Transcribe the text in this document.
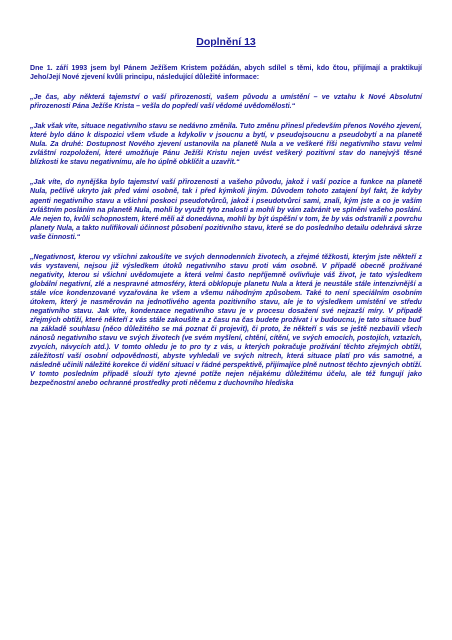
Doplnění 13

Dne 1. září 1993 jsem byl Pánem Ježíšem Kristem požádán, abych sdílel s těmi, kdo čtou, přijímají a praktikují Jeho/Její Nové zjevení kvůli principu, následující důležité informace:

„Je čas, aby některá tajemství o vaší přirozenosti, vašem původu a umístění – ve vztahu k Nové Absolutní přirozenosti Pána Ježíše Krista – vešla do popředí vaší vědomé uvědomělosti.“

„Jak však víte, situace negativního stavu se nedávno změnila. Tuto změnu přinesl především přenos Nového zjevení, které bylo dáno k dispozici všem všude a kdykoliv v jsoucnu a bytí, v pseudojsoucnu a pseudobytí a na planetě Nula. Za druhé: Dostupnost Nového zjevení ustanovila na planetě Nula a ve veškeré říši negativního stavu velmi zvláštní rozpoložení, které umožňuje Pánu Ježíši Kristu nejen uvést veškerý pozitivní stav do nanejvýš těsné blízkosti ke stavu negativnímu, ale ho úplně obklíčit a uzavřít.“

„Jak víte, do nynějška bylo tajemství vaší přirozenosti a vašeho původu, jakož i vaší pozice a funkce na planetě Nula, pečlivě ukryto jak před vámi osobně, tak i před kýmkoli jiným. Důvodem tohoto zatajení byl fakt, že kdyby agenti negativního stavu a všichni poskoci pseudotvůrců, jakož i pseudotvůrci sami, znali, kým jste a co je vaším zvláštním posláním na planetě Nula, mohli by využít tyto znalosti a mohli by vám zabránit ve splnění vašeho poslání. Ale nejen to, kvůli schopnostem, které měli až donedávna, mohli by být úspěšní v tom, že by vás odstranili z povrchu planety Nula, a takto nulifikovali účinnost působení pozitivního stavu, které se do posledního detailu odehrává skrze vaše činnosti.“

„Negativnost, kterou vy všichni zakoušíte ve svých dennodenních životech, a zřejmé těžkosti, kterým jste někteří z vás vystaveni, nejsou již výsledkem útoků negativního stavu proti vám osobně. V případě obecně prožívané negativity, kterou si všichni uvědomujete a která velmi často nepříjemně ovlivňuje váš život, je tato výsledkem globální negativní, zlé a nespravné atmosféry, která obklopuje planetu Nula a která je neustále stále intenzivnější a stále více kondenzované vyzařována ke všem a všemu náhodným způsobem. Také to není speciálním osobním útokem, který je nasměrován na jednotlivého agenta pozitivního stavu, ale je to výsledkem umístění ve středu negativního stavu. Jak víte, kondenzace negativního stavu je v procesu dosažení své nejzazší míry. V případě zřejmých obtíží, které někteří z vás stále zakoušíte a z času na čas budete prožívat i v budoucnu, je tato situace buď na základě souhlasu (něco důležitého se má poznat či projevit), či proto, že někteří s vás se ještě nezbavili všech nánosů negativního stavu ve svých životech (ve svém myšlení, chtění, cítění, ve svých emocích, postojích, vztazích, zvycích, návycích atd.). V tomto ohledu je to pro ty z vás, u kterých pokračuje prožívání těchto zřejmých obtíží, záležitostí vaší osobní odpovědnosti, abyste vyhledali ve svých nitrech, která situace platí pro vás samotné, a následně učinili náležité korekce či vidění situaci v řádné perspektivě, přijímajíce plně nutnost těchto zjevných obtíží. V tomto posledním případě slouží tyto zjevné potíže nejen nějakému důležitému účelu, ale též fungují jako bezpečnostní anebo ochranné prostředky proti něčemu z duchovního hlediska
